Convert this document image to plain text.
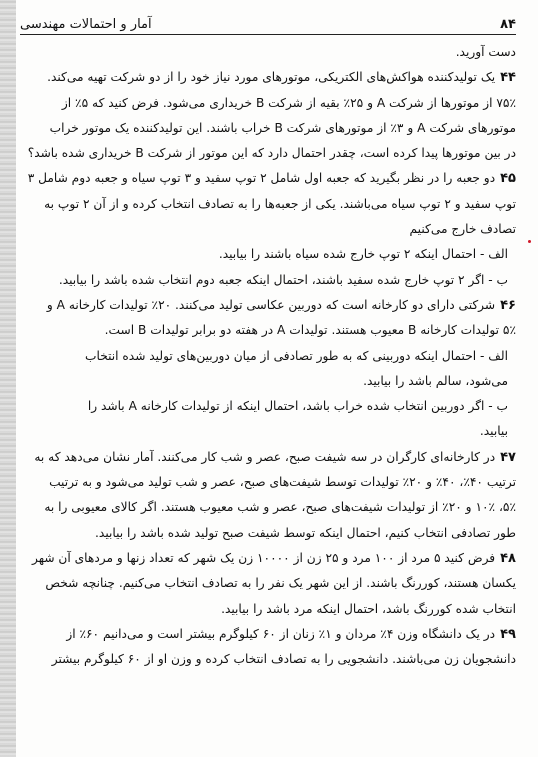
۸۴
آمار و احتمالات مهندسی
دست آورید.
۴۴یک تولیدکننده هواکش‌های الکتریکی، موتورهای مورد نیاز خود را از دو شرکت تهیه می‌کند.
۷۵٪ از موتورها از شرکت A و ۲۵٪ بقیه از شرکت B خریداری می‌شود. فرض کنید که ۵٪ از
موتورهای شرکت A و ۳٪ از موتورهای شرکت B خراب باشند. این تولیدکننده یک موتور خراب
در بین موتورها پیدا کرده است، چقدر احتمال دارد که این موتور از شرکت B خریداری شده باشد؟
۴۵دو جعبه را در نظر بگیرید که جعبه اول شامل ۲ توپ سفید و ۳ توپ سیاه و جعبه دوم شامل ۳
توپ سفید و ۲ توپ سیاه می‌باشند. یکی از جعبه‌ها را به تصادف انتخاب کرده و از آن ۲ توپ به
تصادف خارج می‌کنیم
الف - احتمال اینکه ۲ توپ خارج شده سیاه باشند را بیابید.
ب - اگر ۲ توپ خارج شده سفید باشند، احتمال اینکه جعبه دوم انتخاب شده باشد را بیابید.
۴۶شرکتی دارای دو کارخانه است که دوربین عکاسی تولید می‌کنند. ۲۰٪ تولیدات کارخانه A و
۵٪ تولیدات کارخانه B معیوب هستند. تولیدات A در هفته دو برابر تولیدات B است.
الف - احتمال اینکه دوربینی که به طور تصادفی از میان دوربین‌های تولید شده انتخاب
می‌شود، سالم باشد را بیابید.
ب - اگر دوربین انتخاب شده خراب باشد، احتمال اینکه از تولیدات کارخانه A باشد را
بیابید.
۴۷در کارخانه‌ای کارگران در سه شیفت صبح، عصر و شب کار می‌کنند. آمار نشان می‌دهد که به
ترتیب ۴۰٪، ۴۰٪ و ۲۰٪ تولیدات توسط شیفت‌های صبح، عصر و شب تولید می‌شود و به ترتیب
۵٪، ۱۰٪ و ۲۰٪ از تولیدات شیفت‌های صبح، عصر و شب معیوب هستند. اگر کالای معیوبی را به
طور تصادفی انتخاب کنیم، احتمال اینکه توسط شیفت صبح تولید شده باشد را بیابید.
۴۸فرض کنید ۵ مرد از ۱۰۰ مرد و ۲۵ زن از ۱۰۰۰۰ زن یک شهر که تعداد زنها و مردهای آن شهر
یکسان هستند، کوررنگ باشند. از این شهر یک نفر را به تصادف انتخاب می‌کنیم. چنانچه شخص
انتخاب شده کوررنگ باشد، احتمال اینکه مرد باشد را بیابید.
۴۹در یک دانشگاه وزن ۴٪ مردان و ۱٪ زنان از ۶۰ کیلوگرم بیشتر است و می‌دانیم ۶۰٪ از
دانشجویان زن می‌باشند. دانشجویی را به تصادف انتخاب کرده و وزن او از ۶۰ کیلوگرم بیشتر
